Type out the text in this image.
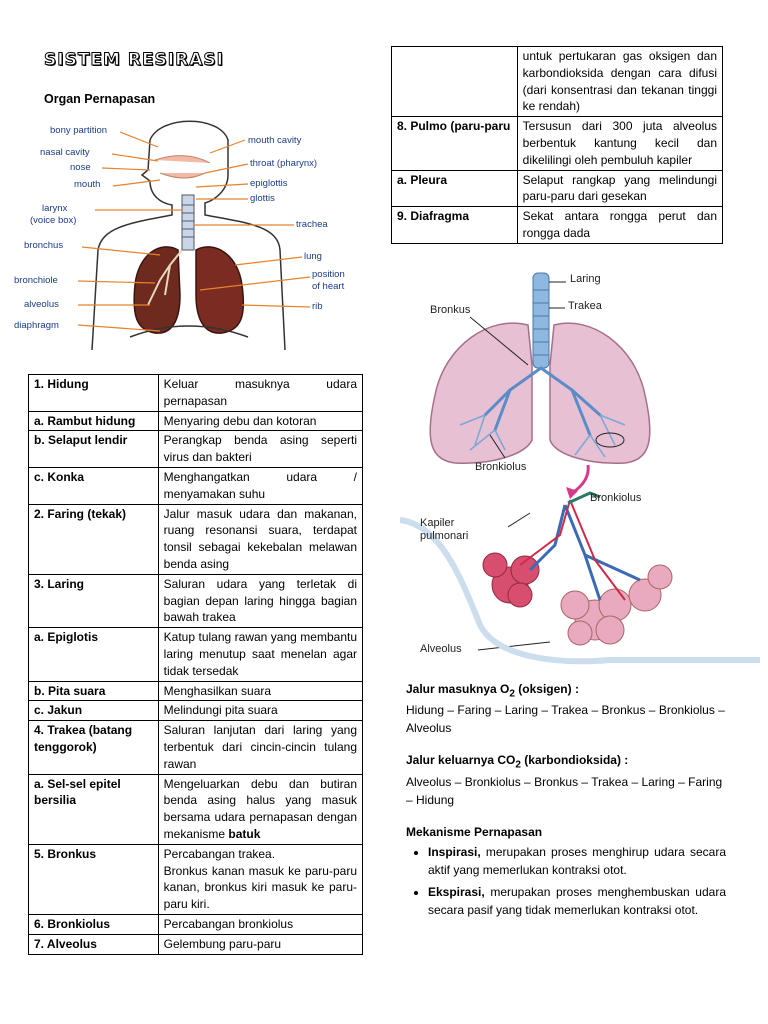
SISTEM RESIRASI
Organ Pernapasan
bony partition
nasal cavity
nose
mouth
larynx
(voice box)
bronchus
bronchiole
alveolus
diaphragm
mouth cavity
throat (pharynx)
epiglottis
glottis
trachea
lung
position
of heart
rib
1. Hidung	Keluar masuknya udara pernapasan
a. Rambut hidung	Menyaring debu dan kotoran
b. Selaput lendir	Perangkap benda asing seperti virus dan bakteri
c. Konka	Menghangatkan udara / menyamakan suhu
2. Faring (tekak)	Jalur masuk udara dan makanan, ruang resonansi suara, terdapat tonsil sebagai kekebalan melawan benda asing
3. Laring	Saluran udara yang terletak di bagian depan laring hingga bagian bawah trakea
a. Epiglotis	Katup tulang rawan yang membantu laring menutup saat menelan agar tidak tersedak
b. Pita suara	Menghasilkan suara
c. Jakun	Melindungi pita suara
4. Trakea (batang tenggorok)	Saluran lanjutan dari laring yang terbentuk dari cincin-cincin tulang rawan
a. Sel-sel epitel bersilia	Mengeluarkan debu dan butiran benda asing halus yang masuk bersama udara pernapasan dengan mekanisme batuk
5. Bronkus	Percabangan trakea.
Bronkus kanan masuk ke paru-paru kanan, bronkus kiri masuk ke paru-paru kiri.
6. Bronkiolus	Percabangan bronkiolus
7. Alveolus	Gelembung paru-paru
	untuk pertukaran gas oksigen dan karbondioksida dengan cara difusi (dari konsentrasi dan tekanan tinggi ke rendah)
8. Pulmo (paru-paru	Tersusun dari 300 juta alveolus berbentuk kantung kecil dan dikelilingi oleh pembuluh kapiler
a. Pleura	Selaput rangkap yang melindungi paru-paru dari gesekan
9. Diafragma	Sekat antara rongga perut dan rongga dada
Laring
Trakea
Bronkus
Bronkiolus
Bronkiolus
Kapiler
pulmonari
Alveolus

Jalur masuknya $O_2$ (oksigen) :

Hidung – Faring – Laring – Trakea – Bronkus – Bronkiolus – Alveolus

Jalur keluarnya $CO_2$ (karbondioksida) :

Alveolus – Bronkiolus – Bronkus – Trakea – Laring – Faring – Hidung

Mekanisme Pernapasan

• Inspirasi, merupakan proses menghirup udara secara aktif yang memerlukan kontraksi otot.
• Ekspirasi, merupakan proses menghembuskan udara secara pasif yang tidak memerlukan kontraksi otot.
